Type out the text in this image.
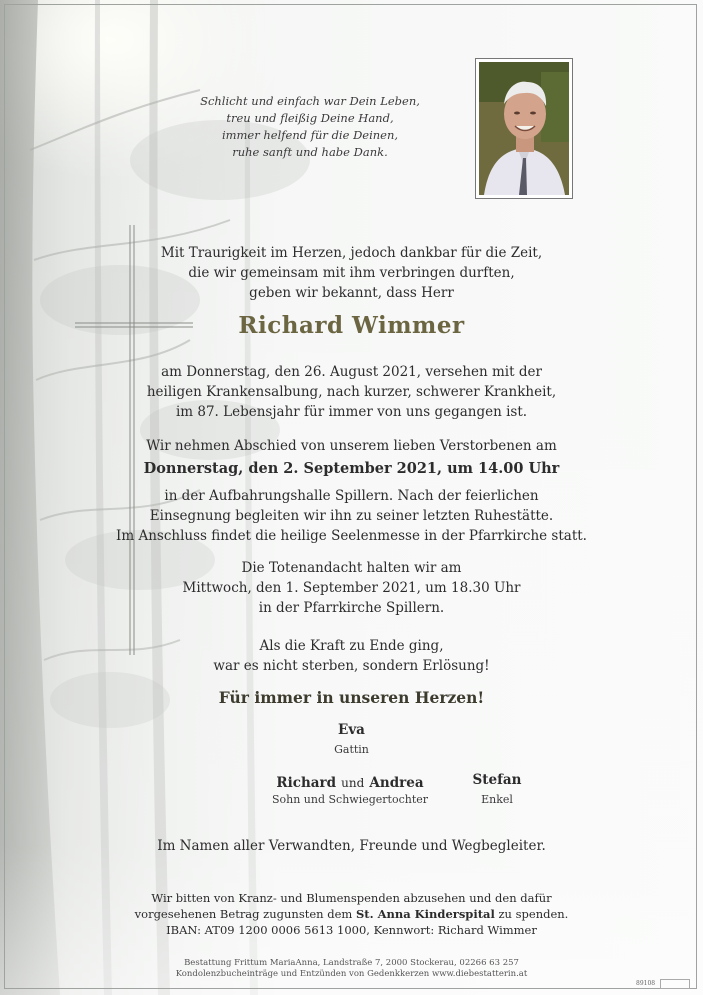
Schlicht und einfach war Dein Leben,
treu und fleißig Deine Hand,
immer helfend für die Deinen,
ruhe sanft und habe Dank.
Mit Traurigkeit im Herzen, jedoch dankbar für die Zeit,
die wir gemeinsam mit ihm verbringen durften,
geben wir bekannt, dass Herr
Richard Wimmer
am Donnerstag, den 26. August 2021, versehen mit der
heiligen Krankensalbung, nach kurzer, schwerer Krankheit,
im 87. Lebensjahr für immer von uns gegangen ist.
Wir nehmen Abschied von unserem lieben Verstorbenen am
Donnerstag, den 2. September 2021, um 14.00 Uhr
in der Aufbahrungshalle Spillern. Nach der feierlichen
Einsegnung begleiten wir ihn zu seiner letzten Ruhestätte.
Im Anschluss findet die heilige Seelenmesse in der Pfarrkirche statt.
Die Totenandacht halten wir am
Mittwoch, den 1. September 2021, um 18.30 Uhr
in der Pfarrkirche Spillern.
Als die Kraft zu Ende ging,
war es nicht sterben, sondern Erlösung!
Für immer in unseren Herzen!
Eva
Gattin
Richard und Andrea
Sohn und Schwiegertochter
Stefan
Enkel
Im Namen aller Verwandten, Freunde und Wegbegleiter.
Wir bitten von Kranz- und Blumenspenden abzusehen und den dafür
vorgesehenen Betrag zugunsten dem St. Anna Kinderspital zu spenden.
IBAN: AT09 1200 0006 5613 1000, Kennwort: Richard Wimmer
Bestattung Frittum MariaAnna, Landstraße 7, 2000 Stockerau, 02266 63 257
Kondolenzbucheinträge und Entzünden von Gedenkkerzen www.diebestatterin.at
89108
